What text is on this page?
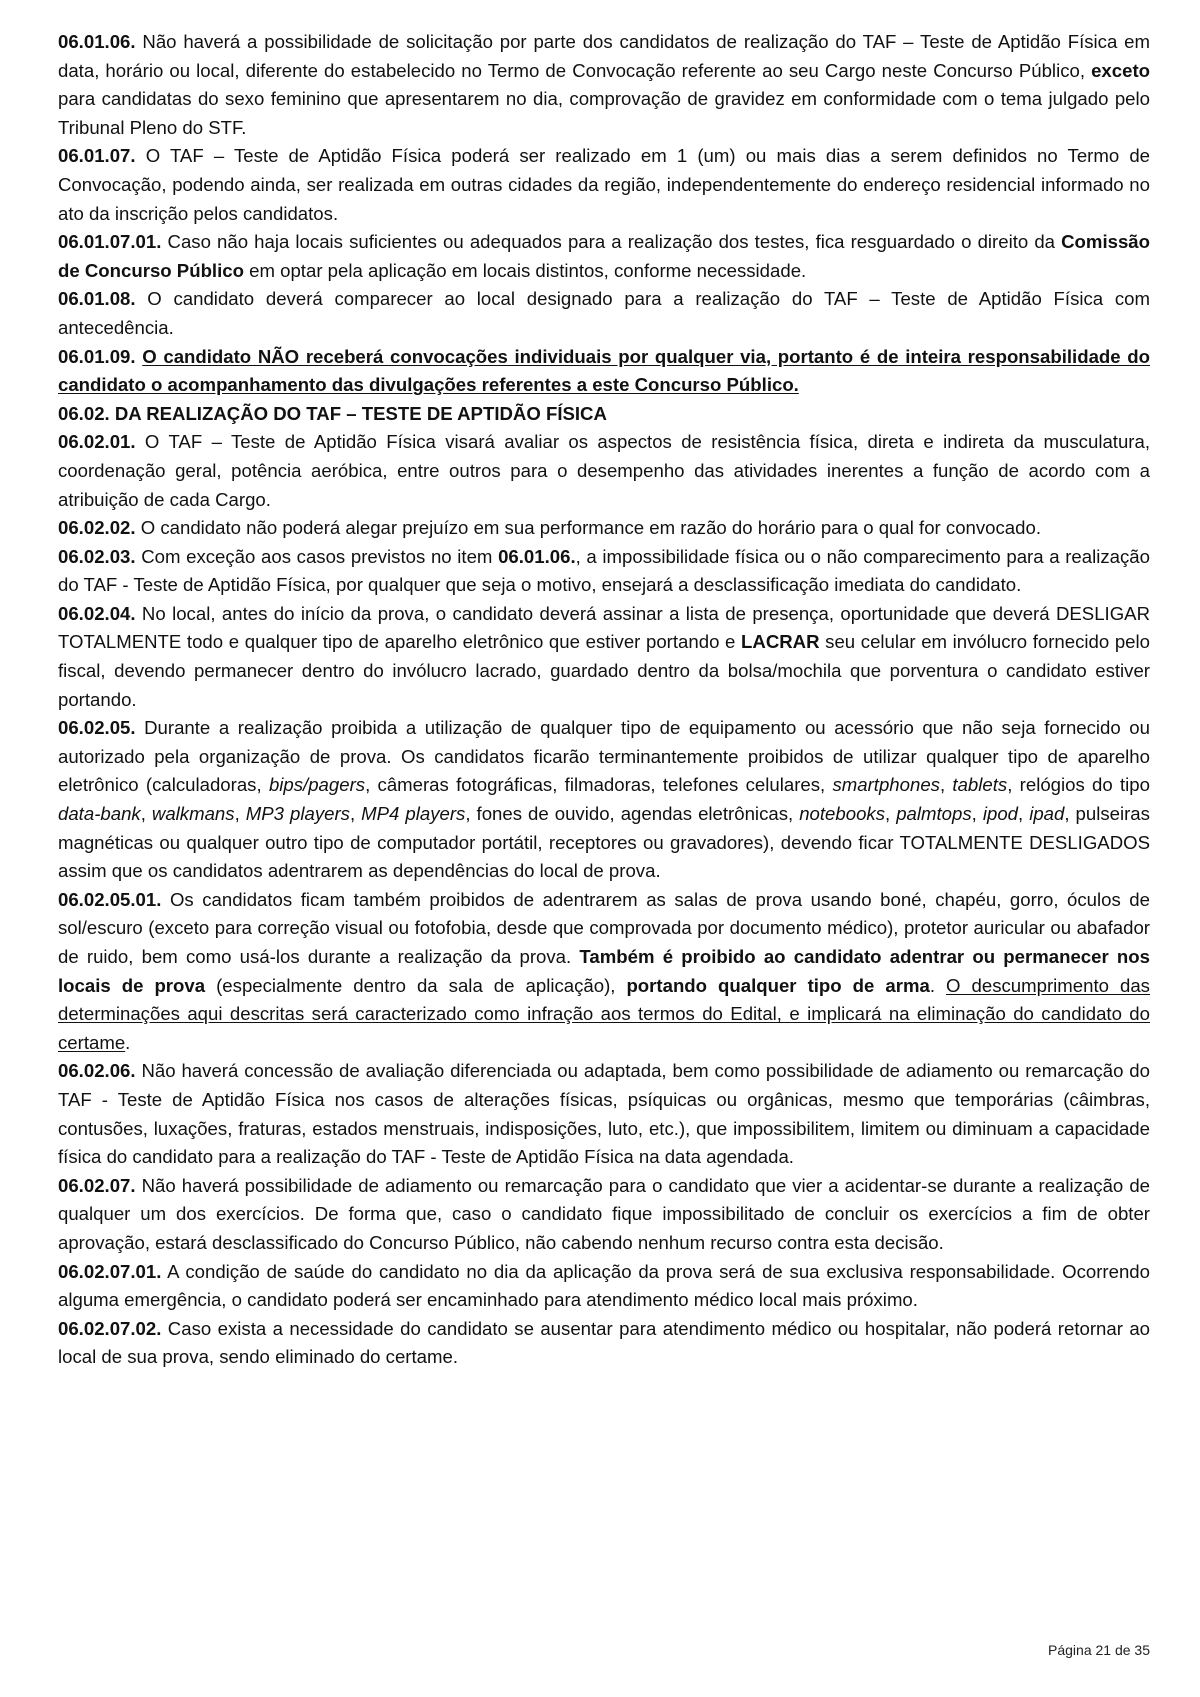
06.01.06. Não haverá a possibilidade de solicitação por parte dos candidatos de realização do TAF – Teste de Aptidão Física em data, horário ou local, diferente do estabelecido no Termo de Convocação referente ao seu Cargo neste Concurso Público, exceto para candidatas do sexo feminino que apresentarem no dia, comprovação de gravidez em conformidade com o tema julgado pelo Tribunal Pleno do STF.

06.01.07. O TAF – Teste de Aptidão Física poderá ser realizado em 1 (um) ou mais dias a serem definidos no Termo de Convocação, podendo ainda, ser realizada em outras cidades da região, independentemente do endereço residencial informado no ato da inscrição pelos candidatos.

06.01.07.01. Caso não haja locais suficientes ou adequados para a realização dos testes, fica resguardado o direito da Comissão de Concurso Público em optar pela aplicação em locais distintos, conforme necessidade.

06.01.08. O candidato deverá comparecer ao local designado para a realização do TAF – Teste de Aptidão Física com antecedência.

06.01.09. O candidato NÃO receberá convocações individuais por qualquer via, portanto é de inteira responsabilidade do candidato o acompanhamento das divulgações referentes a este Concurso Público.

06.02. DA REALIZAÇÃO DO TAF – TESTE DE APTIDÃO FÍSICA

06.02.01. O TAF – Teste de Aptidão Física visará avaliar os aspectos de resistência física, direta e indireta da musculatura, coordenação geral, potência aeróbica, entre outros para o desempenho das atividades inerentes a função de acordo com a atribuição de cada Cargo.

06.02.02. O candidato não poderá alegar prejuízo em sua performance em razão do horário para o qual for convocado.

06.02.03. Com exceção aos casos previstos no item 06.01.06., a impossibilidade física ou o não comparecimento para a realização do TAF - Teste de Aptidão Física, por qualquer que seja o motivo, ensejará a desclassificação imediata do candidato.

06.02.04. No local, antes do início da prova, o candidato deverá assinar a lista de presença, oportunidade que deverá DESLIGAR TOTALMENTE todo e qualquer tipo de aparelho eletrônico que estiver portando e LACRAR seu celular em invólucro fornecido pelo fiscal, devendo permanecer dentro do invólucro lacrado, guardado dentro da bolsa/mochila que porventura o candidato estiver portando.

06.02.05. Durante a realização proibida a utilização de qualquer tipo de equipamento ou acessório que não seja fornecido ou autorizado pela organização de prova. Os candidatos ficarão terminantemente proibidos de utilizar qualquer tipo de aparelho eletrônico (calculadoras, bips/pagers, câmeras fotográficas, filmadoras, telefones celulares, smartphones, tablets, relógios do tipo data-bank, walkmans, MP3 players, MP4 players, fones de ouvido, agendas eletrônicas, notebooks, palmtops, ipod, ipad, pulseiras magnéticas ou qualquer outro tipo de computador portátil, receptores ou gravadores), devendo ficar TOTALMENTE DESLIGADOS assim que os candidatos adentrarem as dependências do local de prova.

06.02.05.01. Os candidatos ficam também proibidos de adentrarem as salas de prova usando boné, chapéu, gorro, óculos de sol/escuro (exceto para correção visual ou fotofobia, desde que comprovada por documento médico), protetor auricular ou abafador de ruido, bem como usá-los durante a realização da prova. Também é proibido ao candidato adentrar ou permanecer nos locais de prova (especialmente dentro da sala de aplicação), portando qualquer tipo de arma. O descumprimento das determinações aqui descritas será caracterizado como infração aos termos do Edital, e implicará na eliminação do candidato do certame.

06.02.06. Não haverá concessão de avaliação diferenciada ou adaptada, bem como possibilidade de adiamento ou remarcação do TAF - Teste de Aptidão Física nos casos de alterações físicas, psíquicas ou orgânicas, mesmo que temporárias (câimbras, contusões, luxações, fraturas, estados menstruais, indisposições, luto, etc.), que impossibilitem, limitem ou diminuam a capacidade física do candidato para a realização do TAF - Teste de Aptidão Física na data agendada.

06.02.07. Não haverá possibilidade de adiamento ou remarcação para o candidato que vier a acidentar-se durante a realização de qualquer um dos exercícios. De forma que, caso o candidato fique impossibilitado de concluir os exercícios a fim de obter aprovação, estará desclassificado do Concurso Público, não cabendo nenhum recurso contra esta decisão.

06.02.07.01. A condição de saúde do candidato no dia da aplicação da prova será de sua exclusiva responsabilidade. Ocorrendo alguma emergência, o candidato poderá ser encaminhado para atendimento médico local mais próximo.

06.02.07.02. Caso exista a necessidade do candidato se ausentar para atendimento médico ou hospitalar, não poderá retornar ao local de sua prova, sendo eliminado do certame.

Página 21 de 35
